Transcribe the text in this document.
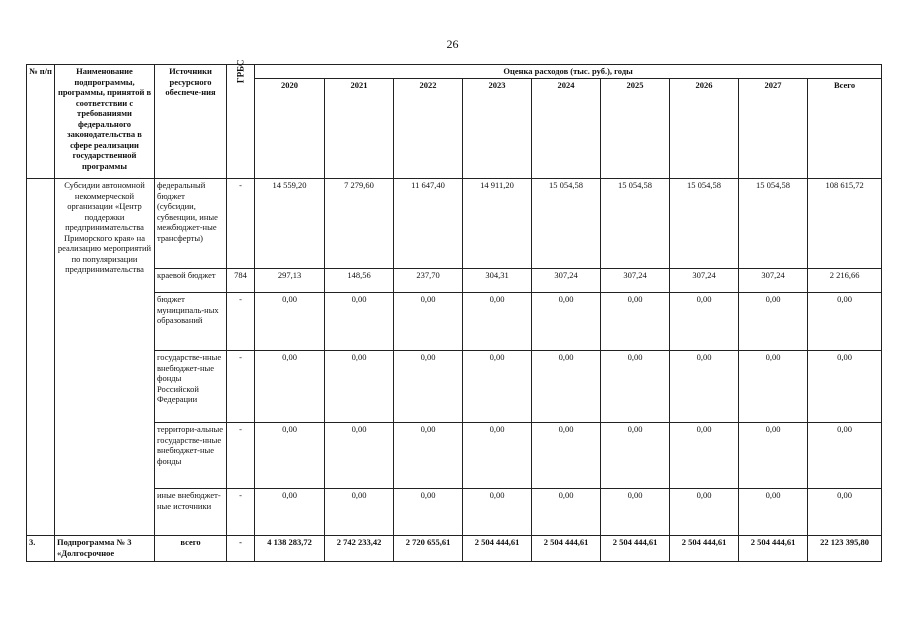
26
№ п/п	Наименование подпрограммы, программы, принятой в соответствии с требованиями федерального законодательства в сфере реализации государственной программы	Источники ресурсного обеспече-ния	ГРБС	Оценка расходов (тыс. руб.), годы								
				2020	2021	2022	2023	2024	2025	2026	2027	Всего
	Субсидии автономной некоммерческой организации «Центр поддержки предпринимательства Приморского края» на реализацию мероприятий по популяризации предпринимательства	федеральный бюджет (субсидии, субвенции, иные межбюджет-ные трансферты)	-	14 559,20	7 279,60	11 647,40	14 911,20	15 054,58	15 054,58	15 054,58	15 054,58	108 615,72
		краевой бюджет	784	297,13	148,56	237,70	304,31	307,24	307,24	307,24	307,24	2 216,66
		бюджет муниципаль-ных образований	-	0,00	0,00	0,00	0,00	0,00	0,00	0,00	0,00	0,00
		государстве-нные внебюджет-ные фонды Российской Федерации	-	0,00	0,00	0,00	0,00	0,00	0,00	0,00	0,00	0,00
		территори-альные государстве-нные внебюджет-ные фонды	-	0,00	0,00	0,00	0,00	0,00	0,00	0,00	0,00	0,00
		иные внебюджет-ные источники	-	0,00	0,00	0,00	0,00	0,00	0,00	0,00	0,00	0,00
3.	Подпрограмма № 3 «Долгосрочное	всего	-	4 138 283,72	2 742 233,42	2 720 655,61	2 504 444,61	2 504 444,61	2 504 444,61	2 504 444,61	2 504 444,61	22 123 395,80
